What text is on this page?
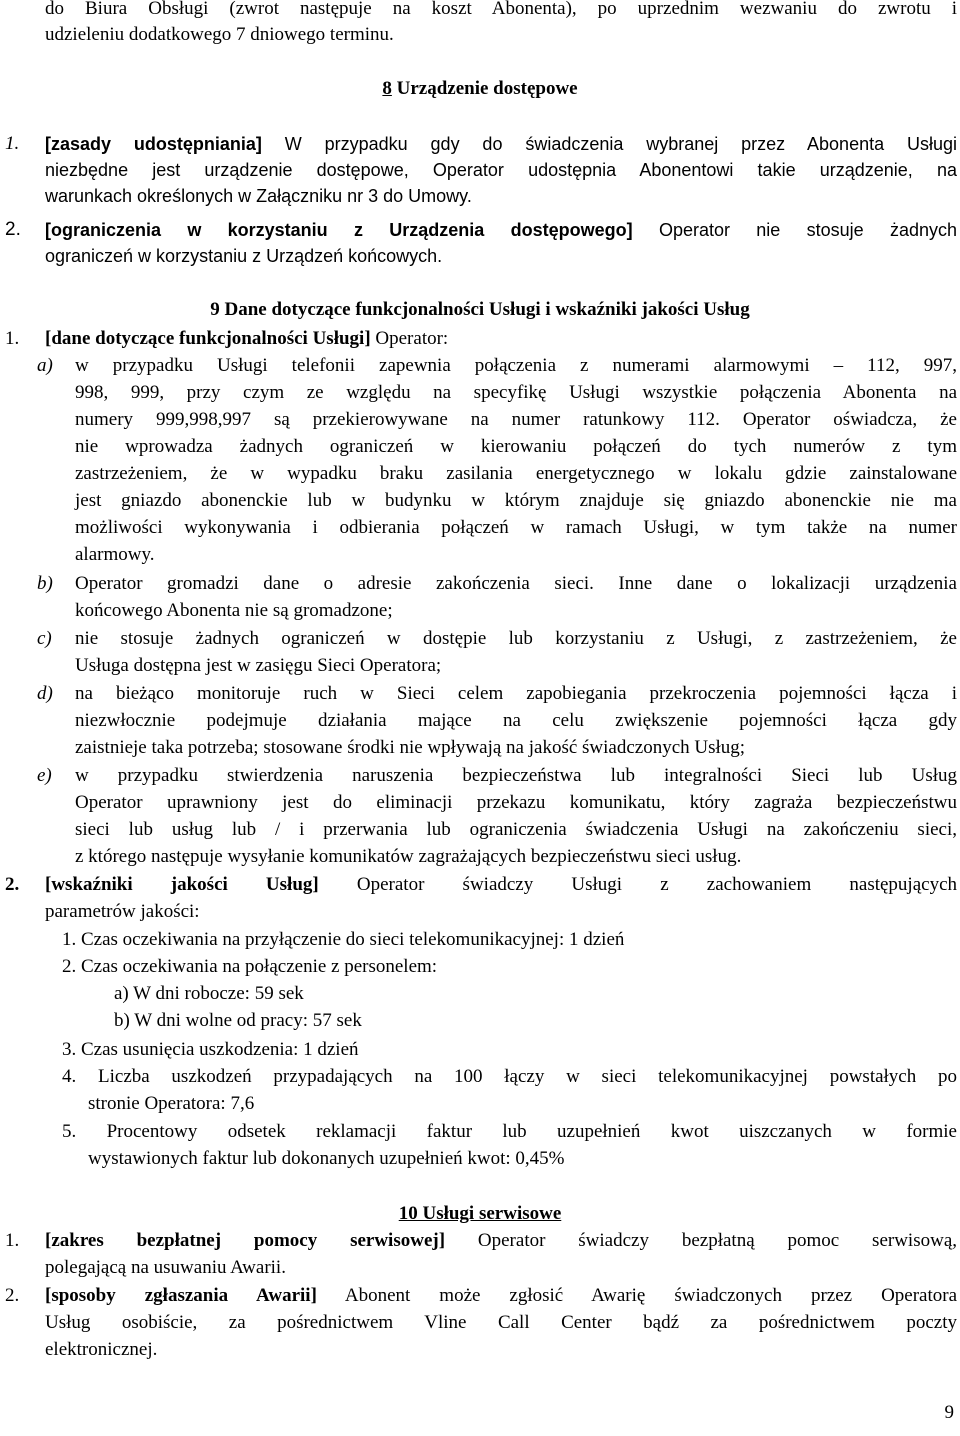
do Biura Obsługi (zwrot następuje na koszt Abonenta), po uprzednim wezwaniu do zwrotu i
udzieleniu dodatkowego 7 dniowego terminu.
8 Urządzenie dostępowe
1. [zasady udostępniania] W przypadku gdy do świadczenia wybranej przez Abonenta Usługi
niezbędne jest urządzenie dostępowe, Operator udostępnia Abonentowi takie urządzenie, na
warunkach określonych w Załączniku nr 3 do Umowy.
2. [ograniczenia w korzystaniu z Urządzenia dostępowego] Operator nie stosuje żadnych
ograniczeń w korzystaniu z Urządzeń końcowych.
9 Dane dotyczące funkcjonalności Usługi i wskaźniki jakości Usług
1. [dane dotyczące funkcjonalności Usługi] Operator:
a) w przypadku Usługi telefonii zapewnia połączenia z numerami alarmowymi – 112, 997,
998, 999, przy czym ze względu na specyfikę Usługi wszystkie połączenia Abonenta na
numery 999,998,997 są przekierowywane na numer ratunkowy 112. Operator oświadcza, że
nie wprowadza żadnych ograniczeń w kierowaniu połączeń do tych numerów z tym
zastrzeżeniem, że w wypadku braku zasilania energetycznego w lokalu gdzie zainstalowane
jest gniazdo abonenckie lub w budynku w którym znajduje się gniazdo abonenckie nie ma
możliwości wykonywania i odbierania połączeń w ramach Usługi, w tym także na numer
alarmowy.
b) Operator gromadzi dane o adresie zakończenia sieci. Inne dane o lokalizacji urządzenia
końcowego Abonenta nie są gromadzone;
c) nie stosuje żadnych ograniczeń w dostępie lub korzystaniu z Usługi, z zastrzeżeniem, że
Usługa dostępna jest w zasięgu Sieci Operatora;
d) na bieżąco monitoruje ruch w Sieci celem zapobiegania przekroczenia pojemności łącza i
niezwłocznie podejmuje działania mające na celu zwiększenie pojemności łącza gdy
zaistnieje taka potrzeba; stosowane środki nie wpływają na jakość świadczonych Usług;
e) w przypadku stwierdzenia naruszenia bezpieczeństwa lub integralności Sieci lub Usług
Operator uprawniony jest do eliminacji przekazu komunikatu, który zagraża bezpieczeństwu
sieci lub usług lub / i przerwania lub ograniczenia świadczenia Usługi na zakończeniu sieci,
z którego następuje wysyłanie komunikatów zagrażających bezpieczeństwu sieci usług.
2. [wskaźniki jakości Usług] Operator świadczy Usługi z zachowaniem następujących
parametrów jakości:
1. Czas oczekiwania na przyłączenie do sieci telekomunikacyjnej: 1 dzień
2. Czas oczekiwania na połączenie z personelem:
a) W dni robocze: 59 sek
b) W dni wolne od pracy: 57 sek
3. Czas usunięcia uszkodzenia: 1 dzień
4. Liczba uszkodzeń przypadających na 100 łączy w sieci telekomunikacyjnej powstałych po
stronie Operatora: 7,6
5. Procentowy odsetek reklamacji faktur lub uzupełnień kwot uiszczanych w formie
wystawionych faktur lub dokonanych uzupełnień kwot: 0,45%
10 Usługi serwisowe
1. [zakres bezpłatnej pomocy serwisowej] Operator świadczy bezpłatną pomoc serwisową,
polegającą na usuwaniu Awarii.
2. [sposoby zgłaszania Awarii] Abonent może zgłosić Awarię świadczonych przez Operatora
Usług osobiście, za pośrednictwem Vline Call Center bądź za pośrednictwem poczty
elektronicznej.
9
